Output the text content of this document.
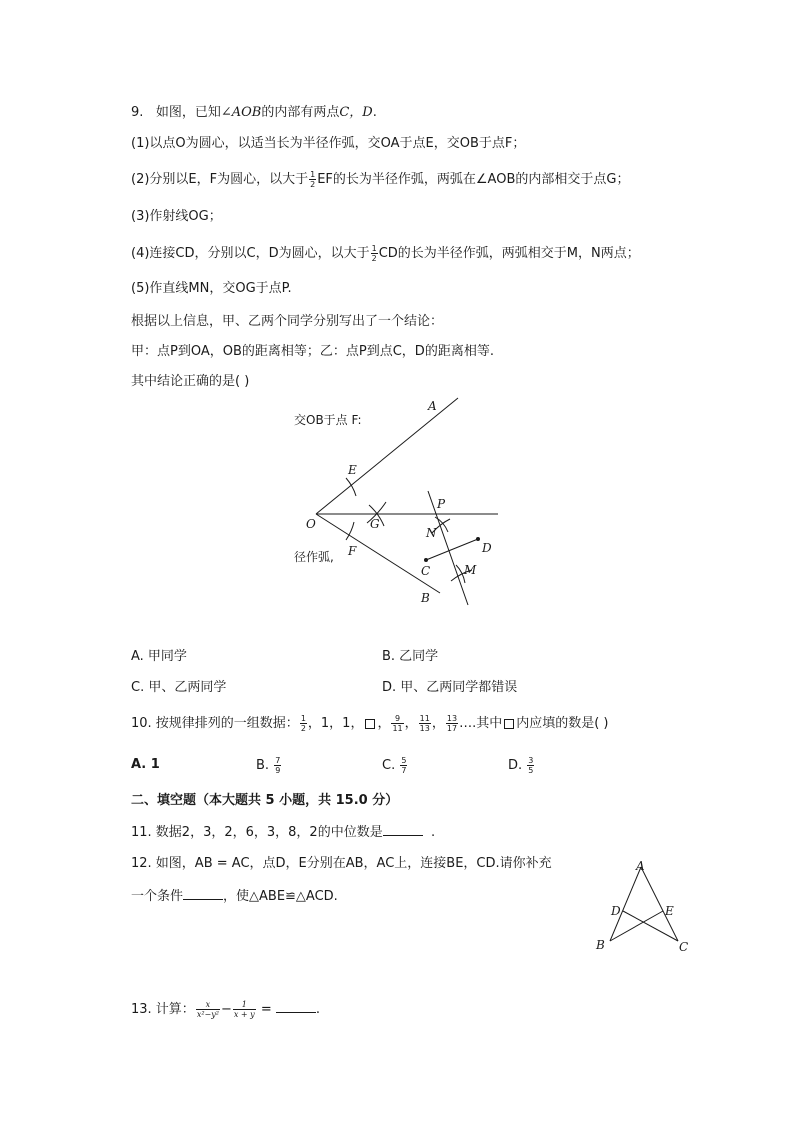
9. 如图，已知∠AOB的内部有两点C，D.
(1)以点O为圆心，以适当长为半径作弧，交OA于点E，交OB于点F；
(2)分别以E，F为圆心，以大于 $\frac{1}{2}$ EF的长为半径作弧，两弧在∠AOB的内部相交于点G；
(3)作射线OG；
(4)连接CD，分别以C，D为圆心，以大于 $\frac{1}{2}$ CD的长为半径作弧，两弧相交于M，N两点；
(5)作直线MN，交OG于点P.
根据以上信息，甲、乙两个同学分别写出了一个结论：
甲：点P到OA，OB的距离相等；乙：点P到点C，D的距离相等.
其中结论正确的是( )
A
E
O	G
F
B
P
N
D
C	M
交OB于点 F:
径作弧,
A. 甲同学	B. 乙同学
C. 甲、乙两同学	D. 甲、乙两同学都错误
10. 按规律排列的一组数据： $\frac{1}{2}$ ，1，1， ， $\frac{9}{11}$ ， $\frac{11}{13}$ ， $\frac{13}{17}$ ….其中 内应填的数是( )
A. 1	B. $\frac{7}{9}$	C. $\frac{5}{7}$	D. $\frac{3}{5}$
二、填空题（本大题共 5 小题，共 15.0 分）
11. 数据2，3，2，6，3，8，2的中位数是	.
12. 如图，AB = AC，点D，E分别在AB，AC上，连接BE，CD.请你补充
一个条件	，使△ABE≌△ACD.
A
D	E
B	C
13. 计算： $\frac{x}{\text{x²−y²}} - \frac{1}{x + y}$ =	.
